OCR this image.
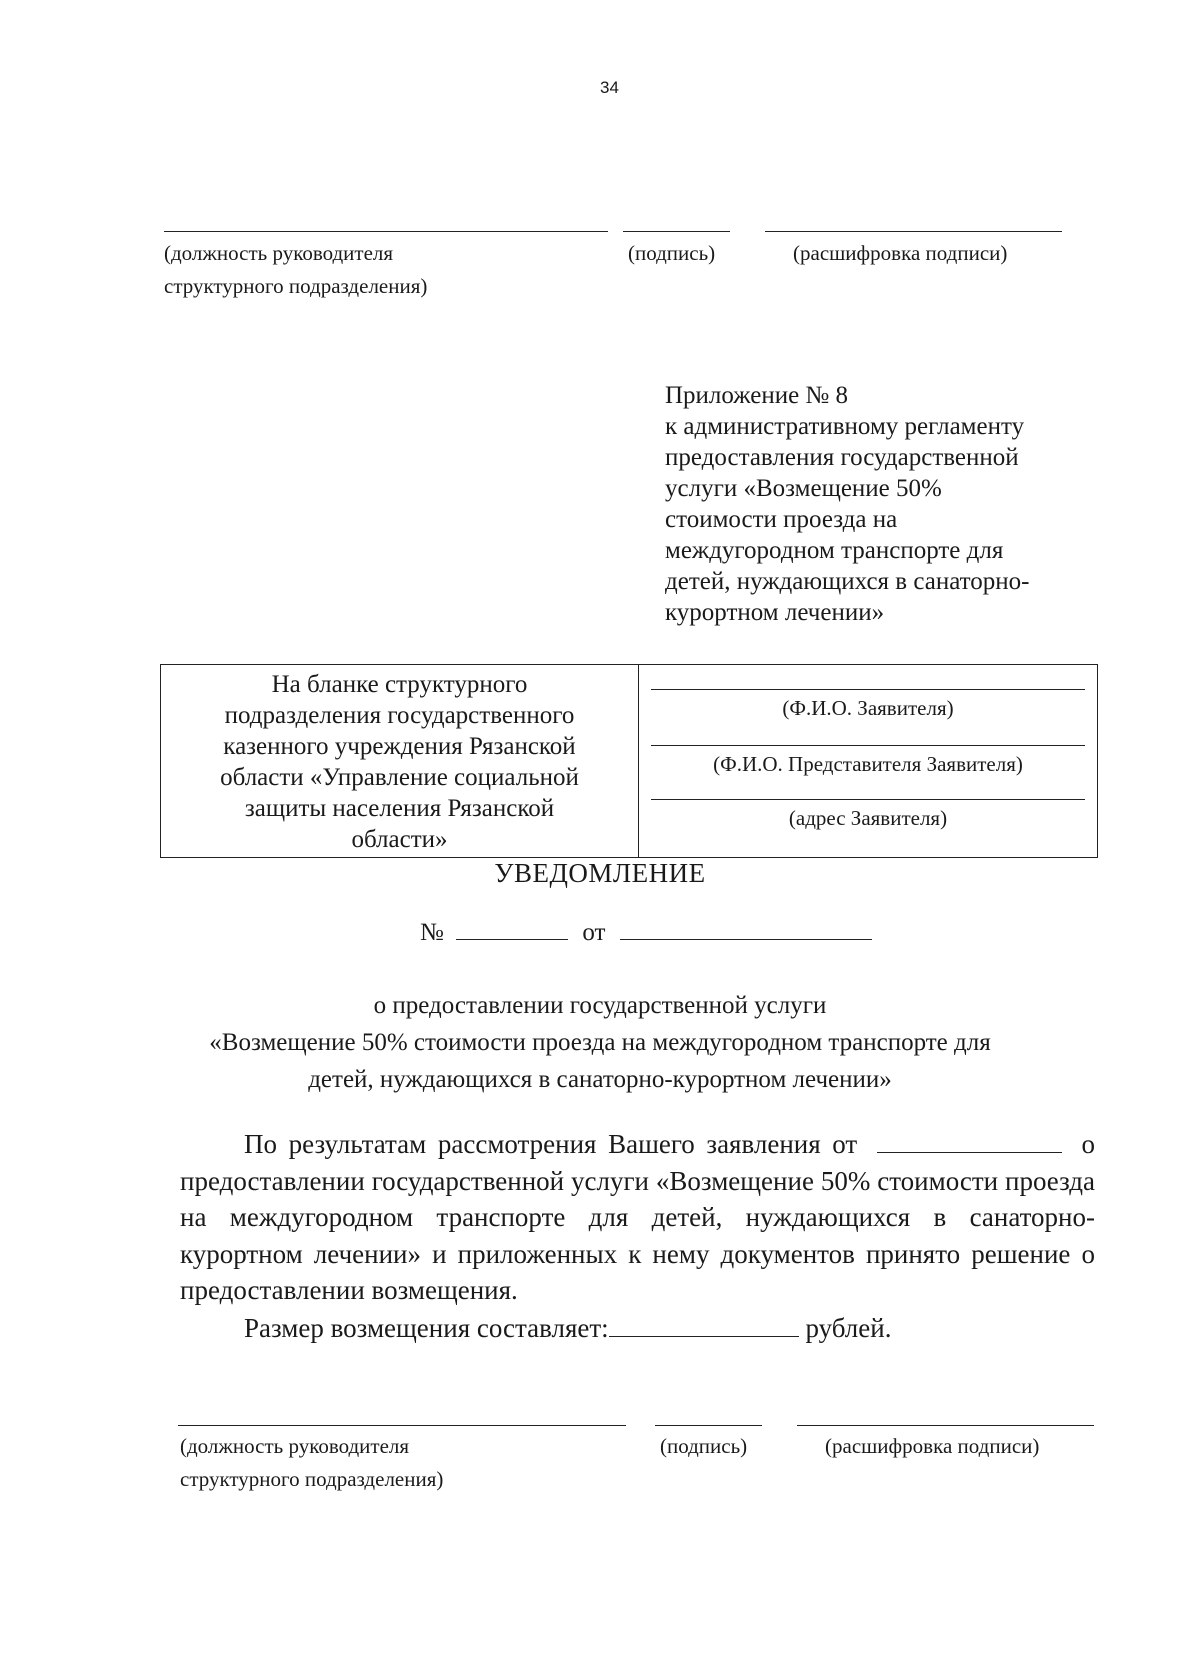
34
(должность руководителя
структурного подразделения)
(подпись)	(расшифровка подписи)
Приложение № 8
к административному регламенту
предоставления государственной
услуги «Возмещение 50%
стоимости проезда на
междугородном транспорте для
детей, нуждающихся в санаторно-
курортном лечении»
На бланке структурного
подразделения государственного
казенного учреждения Рязанской
области «Управление социальной
защиты населения Рязанской
области»
(Ф.И.О. Заявителя)
(Ф.И.О. Представителя Заявителя)
(адрес Заявителя)
УВЕДОМЛЕНИЕ
№	от
о предоставлении государственной услуги
«Возмещение 50% стоимости проезда на междугородном транспорте для
детей, нуждающихся в санаторно-курортном лечении»

По результатам рассмотрения Вашего заявления от	о предоставлении государственной услуги «Возмещение 50% стоимости проезда на междугородном транспорте для детей, нуждающихся в санаторно-курортном лечении» и приложенных к нему документов принято решение о предоставлении возмещения.

Размер возмещения составляет:	рублей.
(должность руководителя
структурного подразделения)
(подпись)	(расшифровка подписи)
